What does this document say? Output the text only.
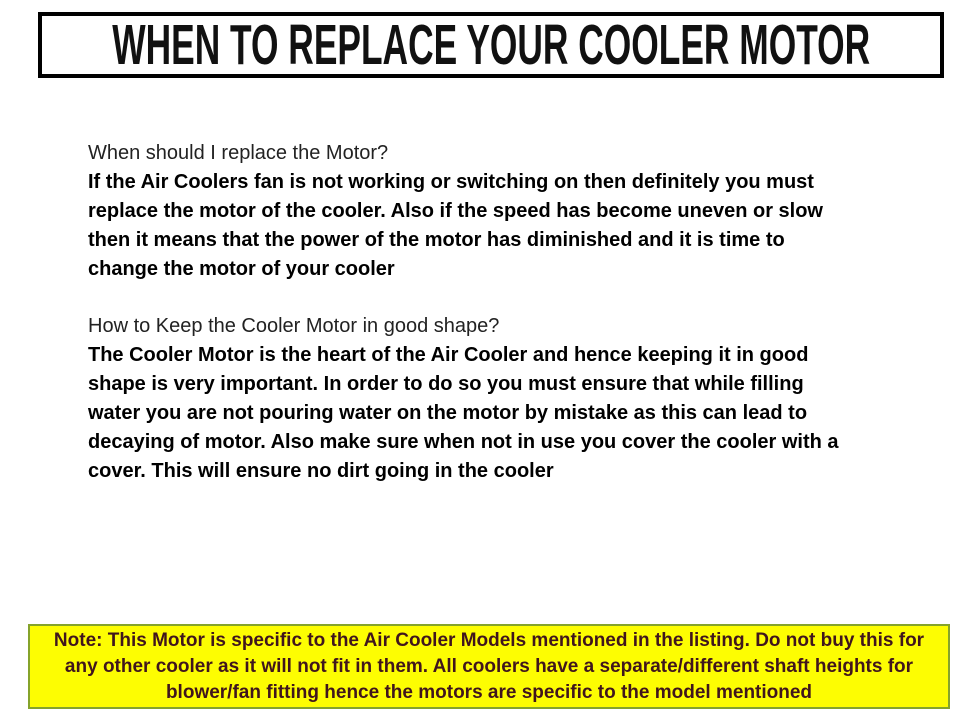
WHEN TO REPLACE YOUR COOLER MOTOR
When should I replace the Motor?
If the Air Coolers fan is not working or switching on then definitely you must replace the motor of the cooler. Also if the speed has become uneven or slow then it means that the power of the motor has diminished and it is time to change the motor of your cooler
How to Keep the Cooler Motor in good shape?
The Cooler Motor is the heart of the Air Cooler and hence keeping it in good shape is very important. In order to do so you must ensure that while filling water you are not pouring water on the motor by mistake as this can lead to decaying of motor. Also make sure when not in use you cover the cooler with a cover. This will ensure no dirt going in the cooler
Note: This Motor is specific to the Air Cooler Models mentioned in the listing. Do not buy this for any other cooler as it will not fit in them. All coolers have a separate/different shaft heights for blower/fan fitting hence the motors are specific to the model mentioned
